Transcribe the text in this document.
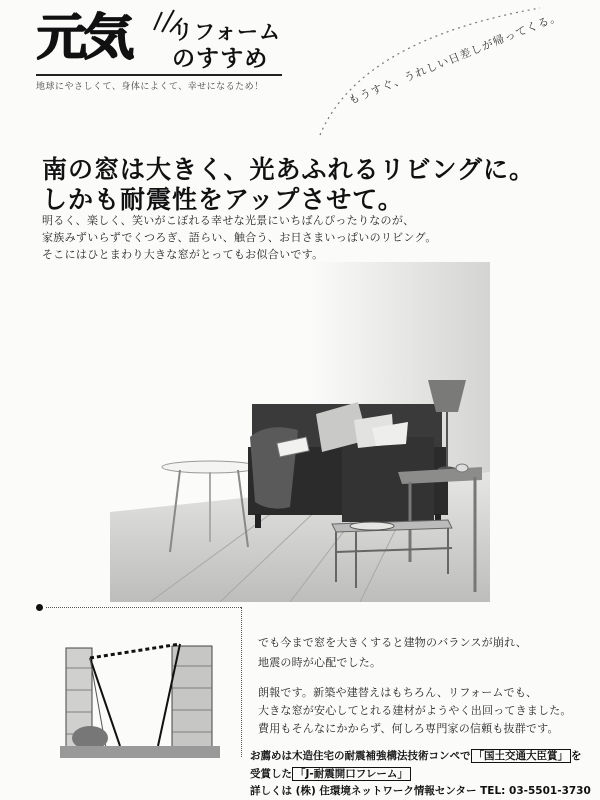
元気 リフォーム
のすすめ
地球にやさしくて、身体によくて、幸せになるため！	もうすぐ、うれしい日差しが帰ってくる。
南の窓は大きく、光あふれるリビングに。
しかも耐震性をアップさせて。
明るく、楽しく、笑いがこぼれる幸せな光景にいちばんぴったりなのが、
家族みずいらずでくつろぎ、語らい、触合う、お日さまいっぱいのリビング。
そこにはひとまわり大きな窓がとってもお似合いです。
でも今まで窓を大きくすると建物のバランスが崩れ、
地震の時が心配でした。
朗報です。新築や建替えはもちろん、リフォームでも、
大きな窓が安心してとれる建材がようやく出回ってきました。
費用もそんなにかからず、何しろ専門家の信頼も抜群です。
お薦めは木造住宅の耐震補強構法技術コンペで 「国土交通大臣賞」 を
受賞した 「J-耐震開口フレーム」
詳しくは (株) 住環境ネットワーク情報センター TEL: 03-5501-3730
